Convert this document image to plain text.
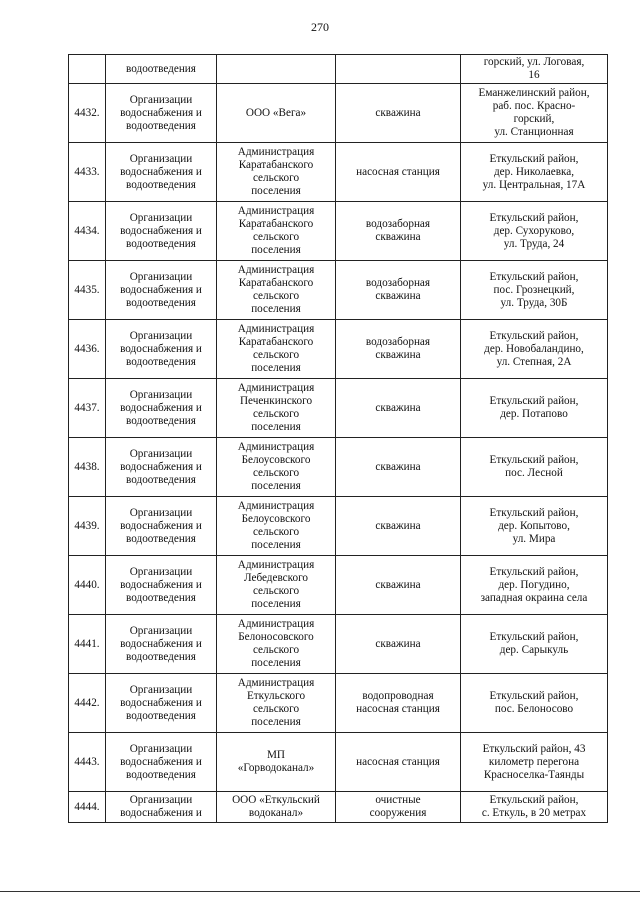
270
	водоотведения			горский, ул. Логовая,
16
4432.	Организации
водоснабжения и
водоотведения	ООО «Вега»	скважина	Еманжелинский район,
раб. пос. Красно-
горский,
ул. Станционная
4433.	Организации
водоснабжения и
водоотведения	Администрация
Каратабанского
сельского
поселения	насосная станция	Еткульский район,
дер. Николаевка,
ул. Центральная, 17А
4434.	Организации
водоснабжения и
водоотведения	Администрация
Каратабанского
сельского
поселения	водозаборная
скважина	Еткульский район,
дер. Сухоруково,
ул. Труда, 24
4435.	Организации
водоснабжения и
водоотведения	Администрация
Каратабанского
сельского
поселения	водозаборная
скважина	Еткульский район,
пос. Грознецкий,
ул. Труда, 30Б
4436.	Организации
водоснабжения и
водоотведения	Администрация
Каратабанского
сельского
поселения	водозаборная
скважина	Еткульский район,
дер. Новобаландино,
ул. Степная, 2А
4437.	Организации
водоснабжения и
водоотведения	Администрация
Печенкинского
сельского
поселения	скважина	Еткульский район,
дер. Потапово
4438.	Организации
водоснабжения и
водоотведения	Администрация
Белоусовского
сельского
поселения	скважина	Еткульский район,
пос. Лесной
4439.	Организации
водоснабжения и
водоотведения	Администрация
Белоусовского
сельского
поселения	скважина	Еткульский район,
дер. Копытово,
ул. Мира
4440.	Организации
водоснабжения и
водоотведения	Администрация
Лебедевского
сельского
поселения	скважина	Еткульский район,
дер. Погудино,
западная окраина села
4441.	Организации
водоснабжения и
водоотведения	Администрация
Белоносовского
сельского
поселения	скважина	Еткульский район,
дер. Сарыкуль
4442.	Организации
водоснабжения и
водоотведения	Администрация
Еткульского
сельского
поселения	водопроводная
насосная станция	Еткульский район,
пос. Белоносово
4443.	Организации
водоснабжения и
водоотведения	МП
«Горводоканал»	насосная станция	Еткульский район, 43
километр перегона
Красноселка-Таянды
4444.	Организации
водоснабжения и	ООО «Еткульский
водоканал»	очистные
сооружения	Еткульский район,
с. Еткуль, в 20 метрах
